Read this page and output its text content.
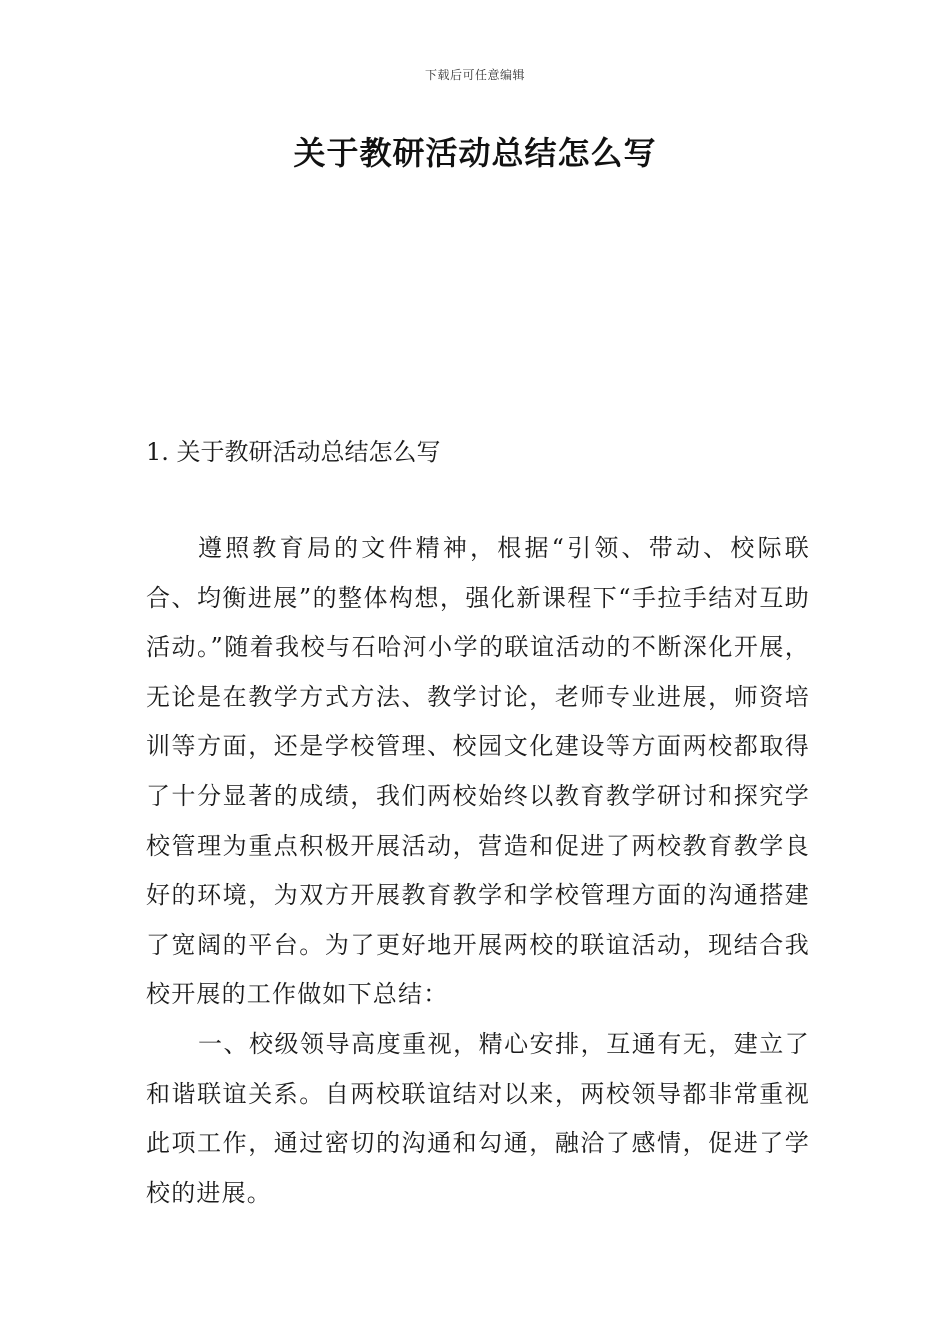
下载后可任意编辑
关于教研活动总结怎么写
1. 关于教研活动总结怎么写

遵照教育局的文件精神，根据“引领、带动、校际联合、均衡进展”的整体构想，强化新课程下“手拉手结对互助活动。”随着我校与石哈河小学的联谊活动的不断深化开展，无论是在教学方式方法、教学讨论，老师专业进展，师资培训等方面，还是学校管理、校园文化建设等方面两校都取得了十分显著的成绩，我们两校始终以教育教学研讨和探究学校管理为重点积极开展活动，营造和促进了两校教育教学良好的环境，为双方开展教育教学和学校管理方面的沟通搭建了宽阔的平台。为了更好地开展两校的联谊活动，现结合我校开展的工作做如下总结：

一、校级领导高度重视，精心安排，互通有无，建立了和谐联谊关系。自两校联谊结对以来，两校领导都非常重视此项工作，通过密切的沟通和勾通，融洽了感情，促进了学校的进展。
